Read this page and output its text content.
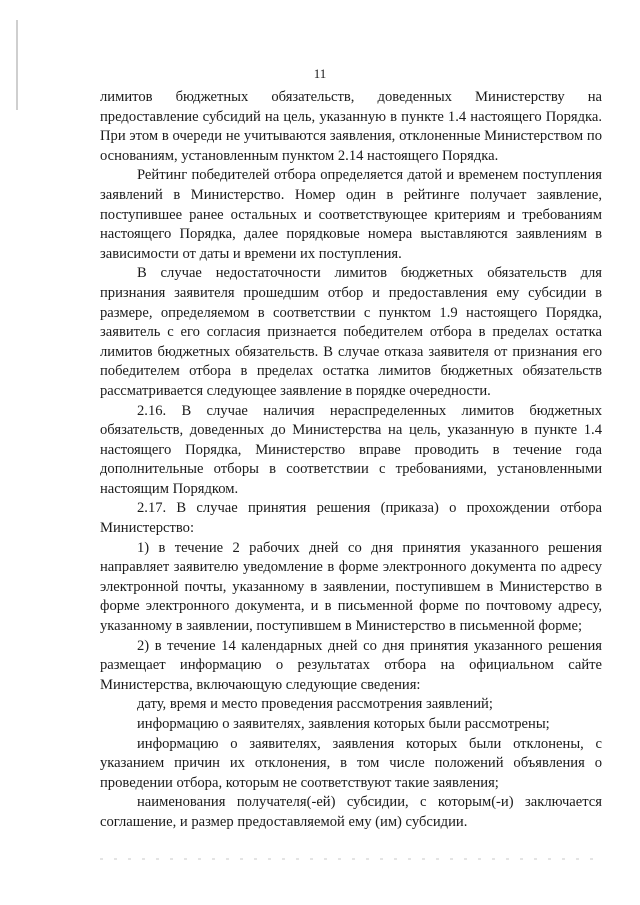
11

лимитов бюджетных обязательств, доведенных Министерству на предоставление субсидий на цель, указанную в пункте 1.4 настоящего Порядка. При этом в очереди не учитываются заявления, отклоненные Министерством по основаниям, установленным пунктом 2.14 настоящего Порядка.

Рейтинг победителей отбора определяется датой и временем поступления заявлений в Министерство. Номер один в рейтинге получает заявление, поступившее ранее остальных и соответствующее критериям и требованиям настоящего Порядка, далее порядковые номера выставляются заявлениям в зависимости от даты и времени их поступления.

В случае недостаточности лимитов бюджетных обязательств для признания заявителя прошедшим отбор и предоставления ему субсидии в размере, определяемом в соответствии с пунктом 1.9 настоящего Порядка, заявитель с его согласия признается победителем отбора в пределах остатка лимитов бюджетных обязательств. В случае отказа заявителя от признания его победителем отбора в пределах остатка лимитов бюджетных обязательств рассматривается следующее заявление в порядке очередности.

2.16. В случае наличия нераспределенных лимитов бюджетных обязательств, доведенных до Министерства на цель, указанную в пункте 1.4 настоящего Порядка, Министерство вправе проводить в течение года дополнительные отборы в соответствии с требованиями, установленными настоящим Порядком.

2.17. В случае принятия решения (приказа) о прохождении отбора Министерство:

1) в течение 2 рабочих дней со дня принятия указанного решения направляет заявителю уведомление в форме электронного документа по адресу электронной почты, указанному в заявлении, поступившем в Министерство в форме электронного документа, и в письменной форме по почтовому адресу, указанному в заявлении, поступившем в Министерство в письменной форме;

2) в течение 14 календарных дней со дня принятия указанного решения размещает информацию о результатах отбора на официальном сайте Министерства, включающую следующие сведения:

дату, время и место проведения рассмотрения заявлений;

информацию о заявителях, заявления которых были рассмотрены;

информацию о заявителях, заявления которых были отклонены, с указанием причин их отклонения, в том числе положений объявления о проведении отбора, которым не соответствуют такие заявления;

наименования получателя(-ей) субсидии, с которым(-и) заключается соглашение, и размер предоставляемой ему (им) субсидии.
